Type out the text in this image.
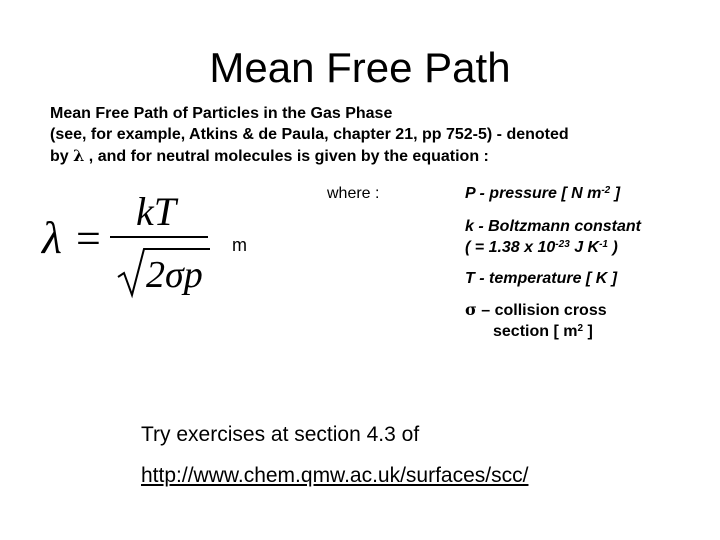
Mean Free Path
Mean Free Path of Particles in the Gas Phase
(see, for example, Atkins & de Paula, chapter 21, pp 752-5) - denoted
by λ , and for neutral molecules is given by the equation :
λ =
kT
2σp
m
where :	P - pressure [ N $m^{-2}$ ]
k - Boltzmann constant
( = 1.38 x $10^{-23}$ J $K^{-1}$ )
T - temperature [ K ]
σ – collision cross
section [ $m^2$ ]
Try exercises at section 4.3 of
http://www.chem.qmw.ac.uk/surfaces/scc/
